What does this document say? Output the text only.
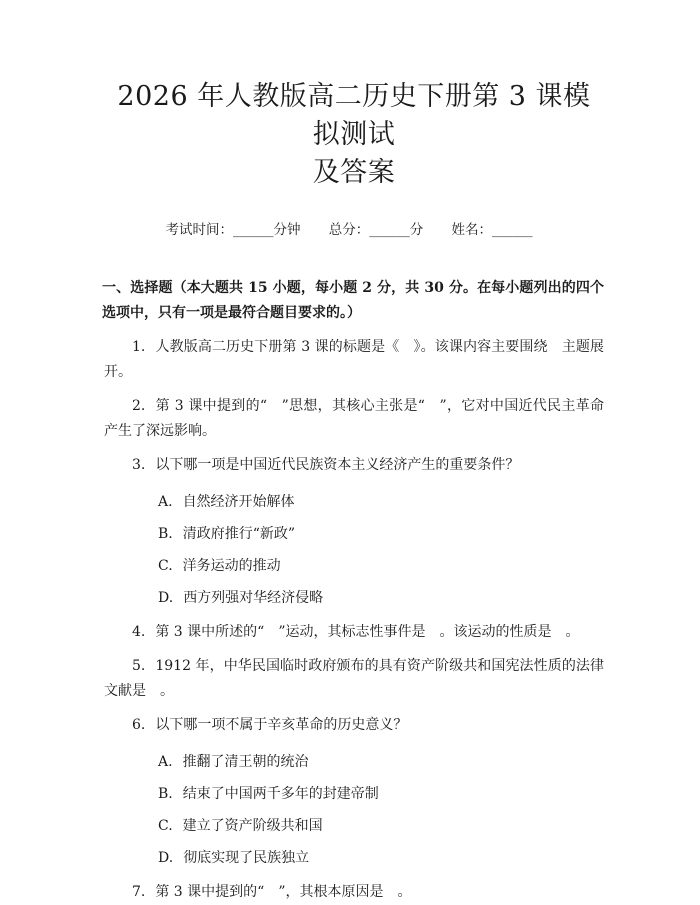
2026 年人教版高二历史下册第 3 课模拟测试
及答案
考试时间：______分钟 总分：______分 姓名：______
一、选择题（本大题共 15 小题，每小题 2 分，共 30 分。在每小题列出的四个选项中，只有一项是最符合题目要求的。）
1. 人教版高二历史下册第 3 课的标题是《　》。该课内容主要围绕　主题展开。
2. 第 3 课中提到的“　”思想，其核心主张是“　”，它对中国近代民主革命产生了深远影响。
3. 以下哪一项是中国近代民族资本主义经济产生的重要条件？
A. 自然经济开始解体
B. 清政府推行“新政”
C. 洋务运动的推动
D. 西方列强对华经济侵略
4. 第 3 课中所述的“　”运动，其标志性事件是　。该运动的性质是　。
5. 1912 年，中华民国临时政府颁布的具有资产阶级共和国宪法性质的法律文献是　。
6. 以下哪一项不属于辛亥革命的历史意义？
A. 推翻了清王朝的统治
B. 结束了中国两千多年的封建帝制
C. 建立了资产阶级共和国
D. 彻底实现了民族独立
7. 第 3 课中提到的“　”，其根本原因是　。
